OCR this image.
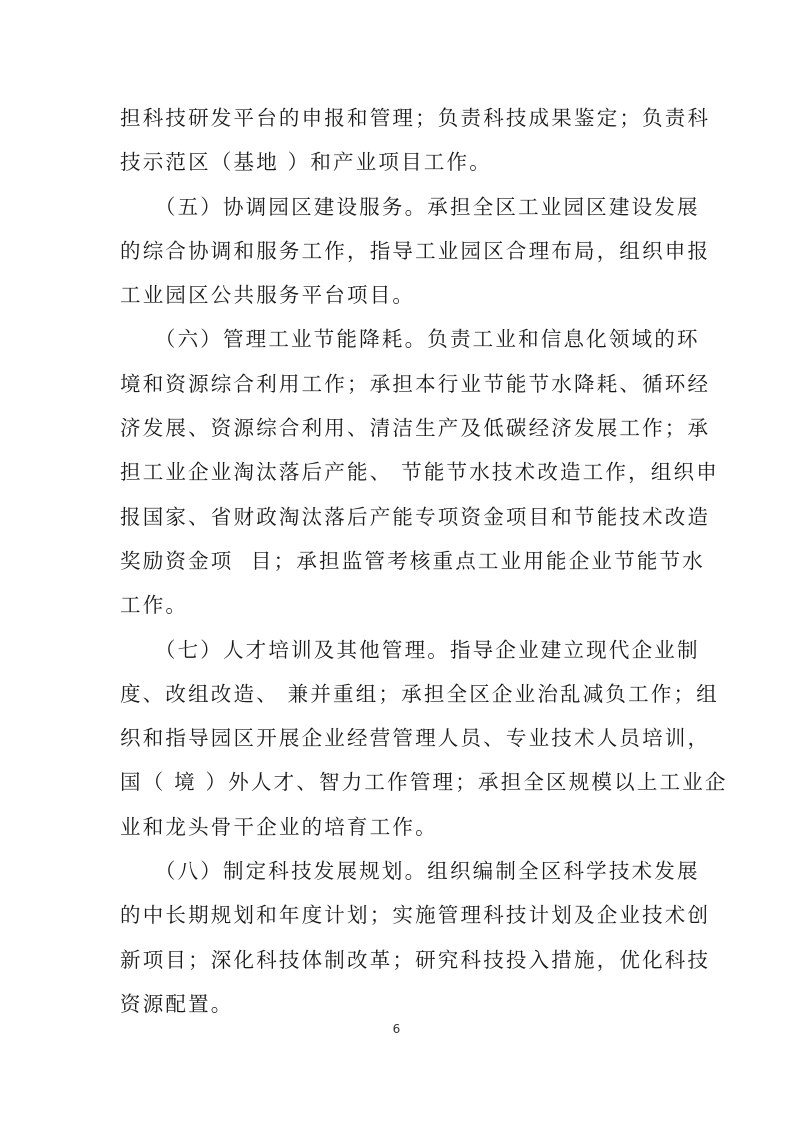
担科技研发平台的申报和管理；负责科技成果鉴定；负责科
技示范区（基地 ）和产业项目工作。
（五）协调园区建设服务。承担全区工业园区建设发展
的综合协调和服务工作，指导工业园区合理布局，组织申报
工业园区公共服务平台项目。
（六）管理工业节能降耗。负责工业和信息化领域的环
境和资源综合利用工作；承担本行业节能节水降耗、循环经
济发展、资源综合利用、清洁生产及低碳经济发展工作；承
担工业企业淘汰落后产能、 节能节水技术改造工作，组织申
报国家、省财政淘汰落后产能专项资金项目和节能技术改造
奖励资金项  目；承担监管考核重点工业用能企业节能节水
工作。
（七）人才培训及其他管理。指导企业建立现代企业制
度、改组改造、 兼并重组；承担全区企业治乱减负工作；组
织和指导园区开展企业经营管理人员、专业技术人员培训，
国（ 境 ）外人才、智力工作管理；承担全区规模以上工业企
业和龙头骨干企业的培育工作。
（八）制定科技发展规划。组织编制全区科学技术发展
的中长期规划和年度计划；实施管理科技计划及企业技术创
新项目；深化科技体制改革；研究科技投入措施，优化科技
资源配置。
6
